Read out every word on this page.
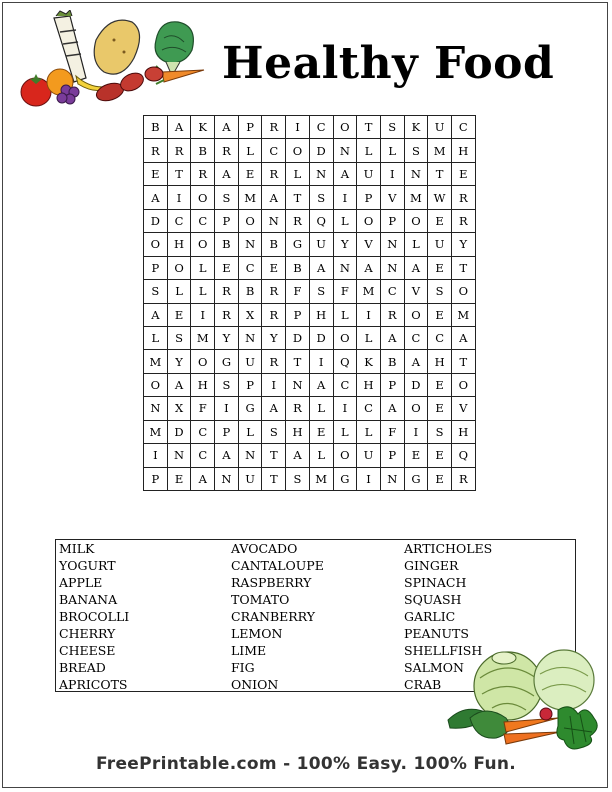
Healthy Food
B	A	K	A	P	R	I	C	O	T	S	K	U	C
R	R	B	R	L	C	O	D	N	L	L	S	M	H
E	T	R	A	E	R	L	N	A	U	I	N	T	E
A	I	O	S	M	A	T	S	I	P	V	M	W	R
D	C	C	P	O	N	R	Q	L	O	P	O	E	R
O	H	O	B	N	B	G	U	Y	V	N	L	U	Y
P	O	L	E	C	E	B	A	N	A	N	A	E	T
S	L	L	R	B	R	F	S	F	M	C	V	S	O
A	E	I	R	X	R	P	H	L	I	R	O	E	M
L	S	M	Y	N	Y	D	D	O	L	A	C	C	A
M	Y	O	G	U	R	T	I	Q	K	B	A	H	T
O	A	H	S	P	I	N	A	C	H	P	D	E	O
N	X	F	I	G	A	R	L	I	C	A	O	E	V
M	D	C	P	L	S	H	E	L	L	F	I	S	H
I	N	C	A	N	T	A	L	O	U	P	E	E	Q
P	E	A	N	U	T	S	M	G	I	N	G	E	R
MILK
YOGURT
APPLE
BANANA
BROCOLLI
CHERRY
CHEESE
BREAD
APRICOTS
AVOCADO
CANTALOUPE
RASPBERRY
TOMATO
CRANBERRY
LEMON
LIME
FIG
ONION
ARTICHOLES
GINGER
SPINACH
SQUASH
GARLIC
PEANUTS
SHELLFISH
SALMON
CRAB
FreePrintable.com - 100% Easy. 100% Fun.
